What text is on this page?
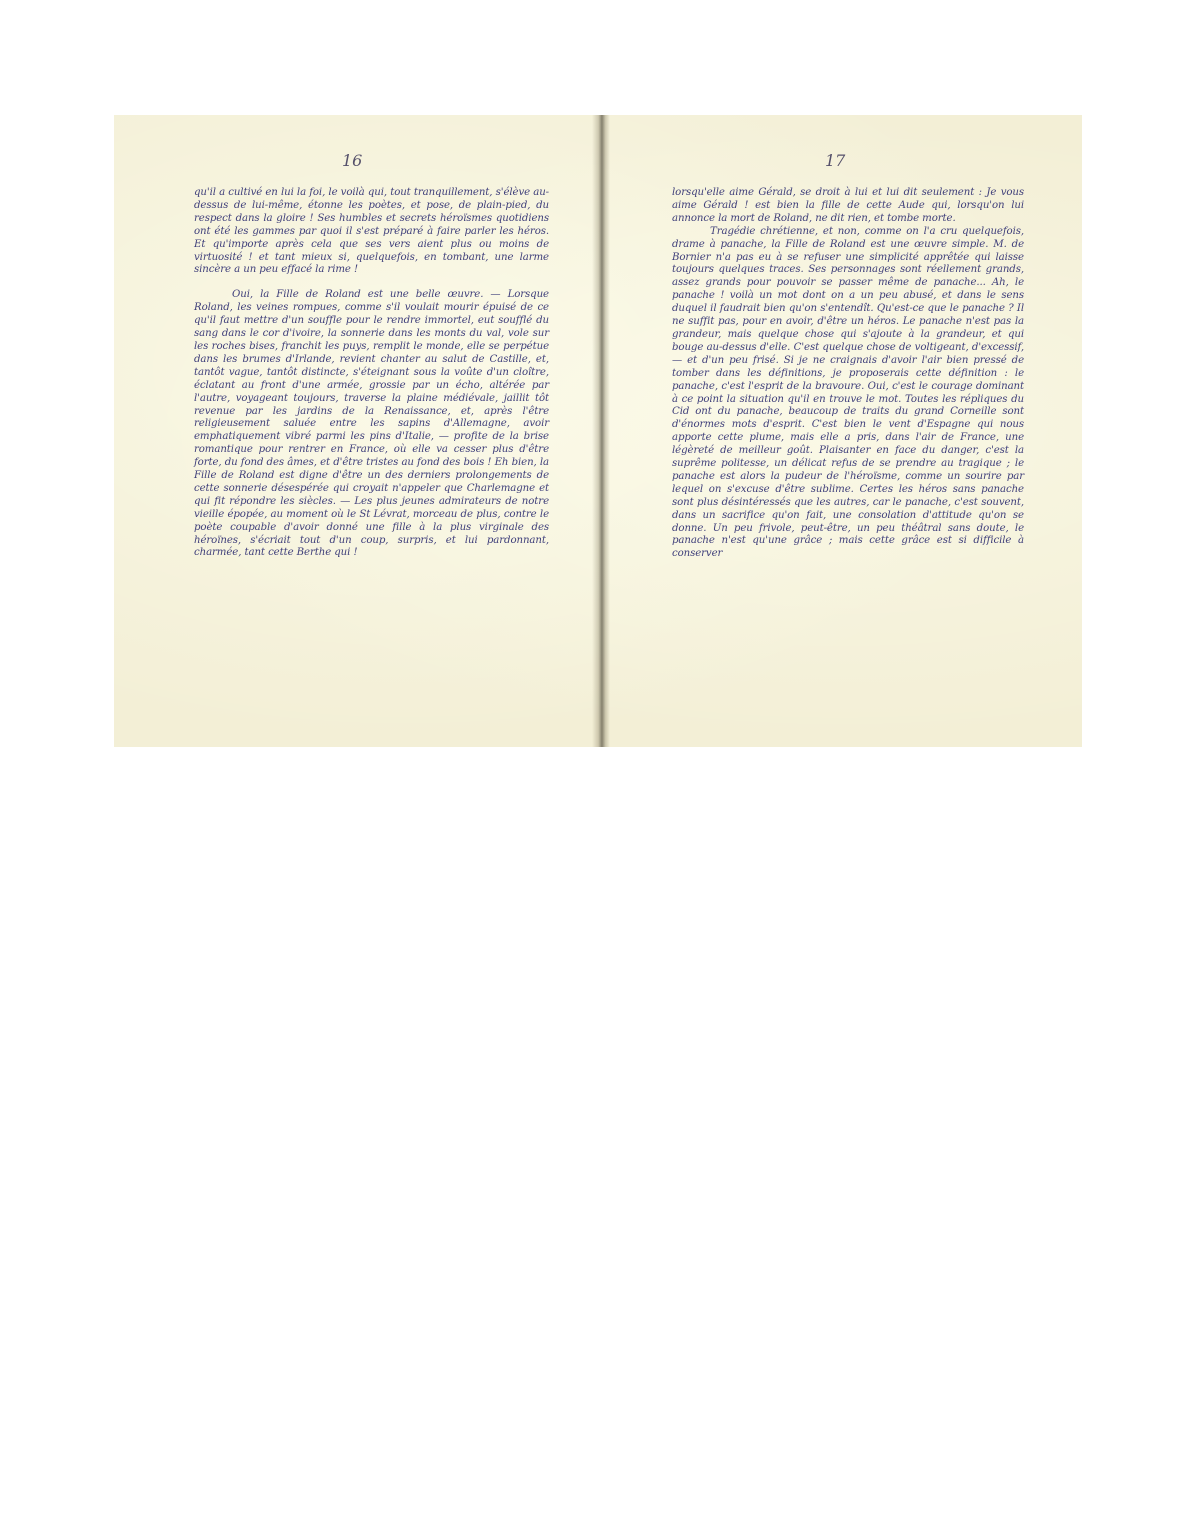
16

qu'il a cultivé en lui la foi, le voilà qui, tout tranquillement, s'élève au-dessus de lui-même, étonne les poètes, et pose, de plain-pied, du respect dans la gloire ! Ses humbles et secrets héroïsmes quotidiens ont été les gammes par quoi il s'est préparé à faire parler les héros. Et qu'importe après cela que ses vers aient plus ou moins de virtuosité ! et tant mieux si, quelquefois, en tombant, une larme sincère a un peu effacé la rime !

Oui, la Fille de Roland est une belle œuvre. — Lorsque Roland, les veines rompues, comme s'il voulait mourir épuisé de ce qu'il faut mettre d'un souffle pour le rendre immortel, eut soufflé du sang dans le cor d'ivoire, la sonnerie dans les monts du val, vole sur les roches bises, franchit les puys, remplit le monde, elle se perpétue dans les brumes d'Irlande, revient chanter au salut de Castille, et, tantôt vague, tantôt distincte, s'éteignant sous la voûte d'un cloître, éclatant au front d'une armée, grossie par un écho, altérée par l'autre, voyageant toujours, traverse la plaine médiévale, jaillit tôt revenue par les jardins de la Renaissance, et, après l'être religieusement saluée entre les sapins d'Allemagne, avoir emphatiquement vibré parmi les pins d'Italie, — profite de la brise romantique pour rentrer en France, où elle va cesser plus d'être forte, du fond des âmes, et d'être tristes au fond des bois ! Eh bien, la Fille de Roland est digne d'être un des derniers prolongements de cette sonnerie désespérée qui croyait n'appeler que Charlemagne et qui fit répondre les siècles. — Les plus jeunes admirateurs de notre vieille épopée, au moment où le St Lévrat, morceau de plus, contre le poète coupable d'avoir donné une fille à la plus virginale des héroïnes, s'écriait tout d'un coup, surpris, et lui pardonnant, charmée, tant cette Berthe qui !

17

lorsqu'elle aime Gérald, se droit à lui et lui dit seulement : Je vous aime Gérald ! est bien la fille de cette Aude qui, lorsqu'on lui annonce la mort de Roland, ne dit rien, et tombe morte.

Tragédie chrétienne, et non, comme on l'a cru quelquefois, drame à panache, la Fille de Roland est une œuvre simple. M. de Bornier n'a pas eu à se refuser une simplicité apprêtée qui laisse toujours quelques traces. Ses personnages sont réellement grands, assez grands pour pouvoir se passer même de panache... Ah, le panache ! voilà un mot dont on a un peu abusé, et dans le sens duquel il faudrait bien qu'on s'entendît. Qu'est-ce que le panache ? Il ne suffit pas, pour en avoir, d'être un héros. Le panache n'est pas la grandeur, mais quelque chose qui s'ajoute à la grandeur, et qui bouge au-dessus d'elle. C'est quelque chose de voltigeant, d'excessif, — et d'un peu frisé. Si je ne craignais d'avoir l'air bien pressé de tomber dans les définitions, je proposerais cette définition : le panache, c'est l'esprit de la bravoure. Oui, c'est le courage dominant à ce point la situation qu'il en trouve le mot. Toutes les répliques du Cid ont du panache, beaucoup de traits du grand Corneille sont d'énormes mots d'esprit. C'est bien le vent d'Espagne qui nous apporte cette plume, mais elle a pris, dans l'air de France, une légèreté de meilleur goût. Plaisanter en face du danger, c'est la suprême politesse, un délicat refus de se prendre au tragique ; le panache est alors la pudeur de l'héroïsme, comme un sourire par lequel on s'excuse d'être sublime. Certes les héros sans panache sont plus désintéressés que les autres, car le panache, c'est souvent, dans un sacrifice qu'on fait, une consolation d'attitude qu'on se donne. Un peu frivole, peut-être, un peu théâtral sans doute, le panache n'est qu'une grâce ; mais cette grâce est si difficile à conserver
